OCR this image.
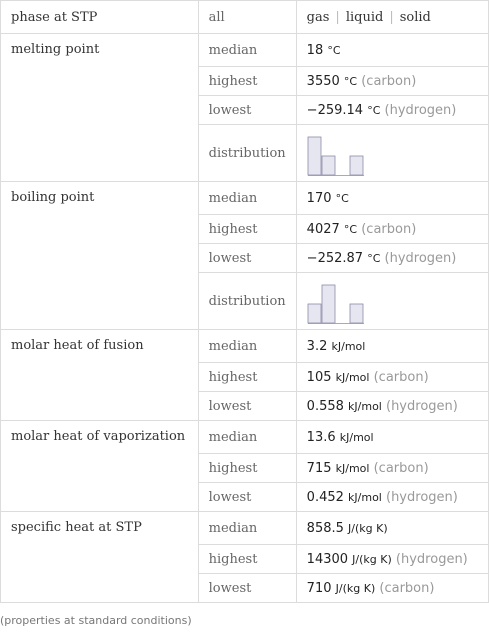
phase at STP	all	gas | liquid | solid
melting point	median	18 °C
	highest	3550 °C (carbon)
	lowest	−259.14 °C (hydrogen)
	distribution	

boiling point	median	170 °C
	highest	4027 °C (carbon)
	lowest	−252.87 °C (hydrogen)
	distribution	

molar heat of fusion	median	3.2 kJ/mol
	highest	105 kJ/mol (carbon)
	lowest	0.558 kJ/mol (hydrogen)
molar heat of vaporization	median	13.6 kJ/mol
	highest	715 kJ/mol (carbon)
	lowest	0.452 kJ/mol (hydrogen)
specific heat at STP	median	858.5 J/(kg K)
	highest	14300 J/(kg K) (hydrogen)
	lowest	710 J/(kg K) (carbon)
(properties at standard conditions)
